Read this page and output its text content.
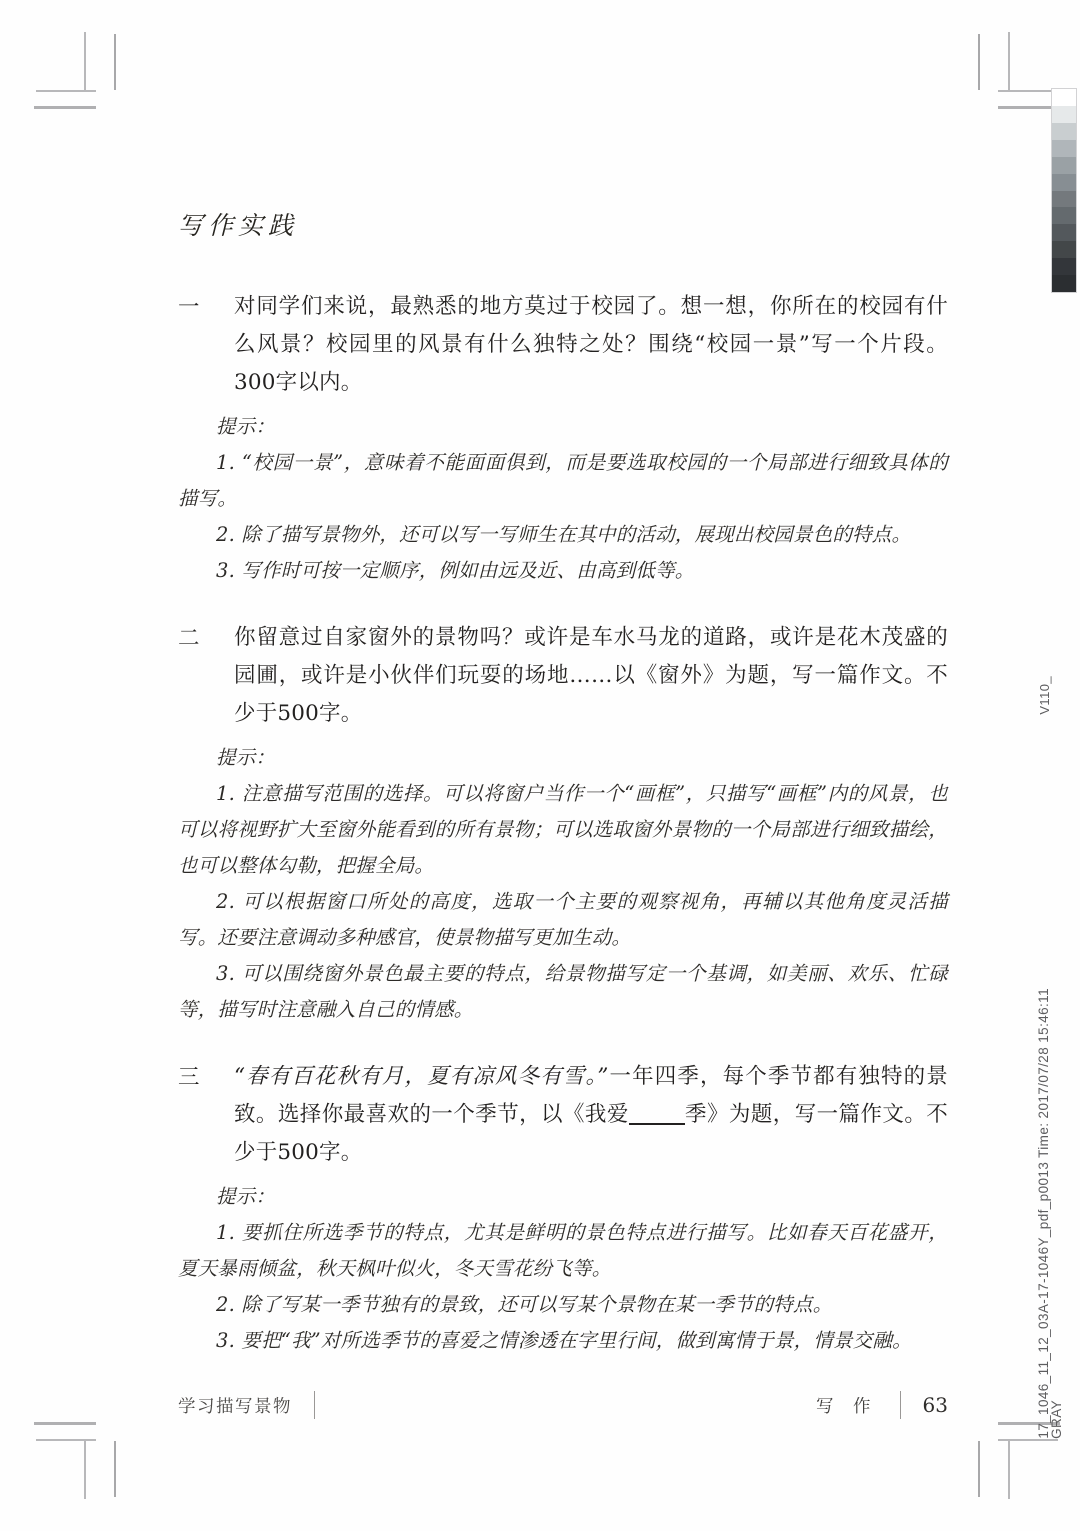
V110_
17_1046_11_12_03A-17-1046Y_pdf_p0013 Time: 2017/07/28 15:46:11
GRAY
写作实践
一	对同学们来说，最熟悉的地方莫过于校园了。想一想，你所在的校园有什么风景？校园里的风景有什么独特之处？围绕“校园一景”写一个片段。300字以内。

提示：

1. “校园一景”，意味着不能面面俱到，而是要选取校园的一个局部进行细致具体的描写。

2. 除了描写景物外，还可以写一写师生在其中的活动，展现出校园景色的特点。

3. 写作时可按一定顺序，例如由远及近、由高到低等。

二	你留意过自家窗外的景物吗？或许是车水马龙的道路，或许是花木茂盛的园圃，或许是小伙伴们玩耍的场地……以《窗外》为题，写一篇作文。不少于500字。

提示：

1. 注意描写范围的选择。可以将窗户当作一个“画框”，只描写“画框”内的风景，也可以将视野扩大至窗外能看到的所有景物；可以选取窗外景物的一个局部进行细致描绘，也可以整体勾勒，把握全局。

2. 可以根据窗口所处的高度，选取一个主要的观察视角，再辅以其他角度灵活描写。还要注意调动多种感官，使景物描写更加生动。

3. 可以围绕窗外景色最主要的特点，给景物描写定一个基调，如美丽、欢乐、忙碌等，描写时注意融入自己的情感。

三	“春有百花秋有月，夏有凉风冬有雪。”一年四季，每个季节都有独特的景致。选择你最喜欢的一个季节，以《我爱	季》为题，写一篇作文。不少于500字。

提示：

1. 要抓住所选季节的特点，尤其是鲜明的景色特点进行描写。比如春天百花盛开，夏天暴雨倾盆，秋天枫叶似火，冬天雪花纷飞等。

2. 除了写某一季节独有的景致，还可以写某个景物在某一季节的特点。

3. 要把“我”对所选季节的喜爱之情渗透在字里行间，做到寓情于景，情景交融。

学习描写景物	写 作 63
